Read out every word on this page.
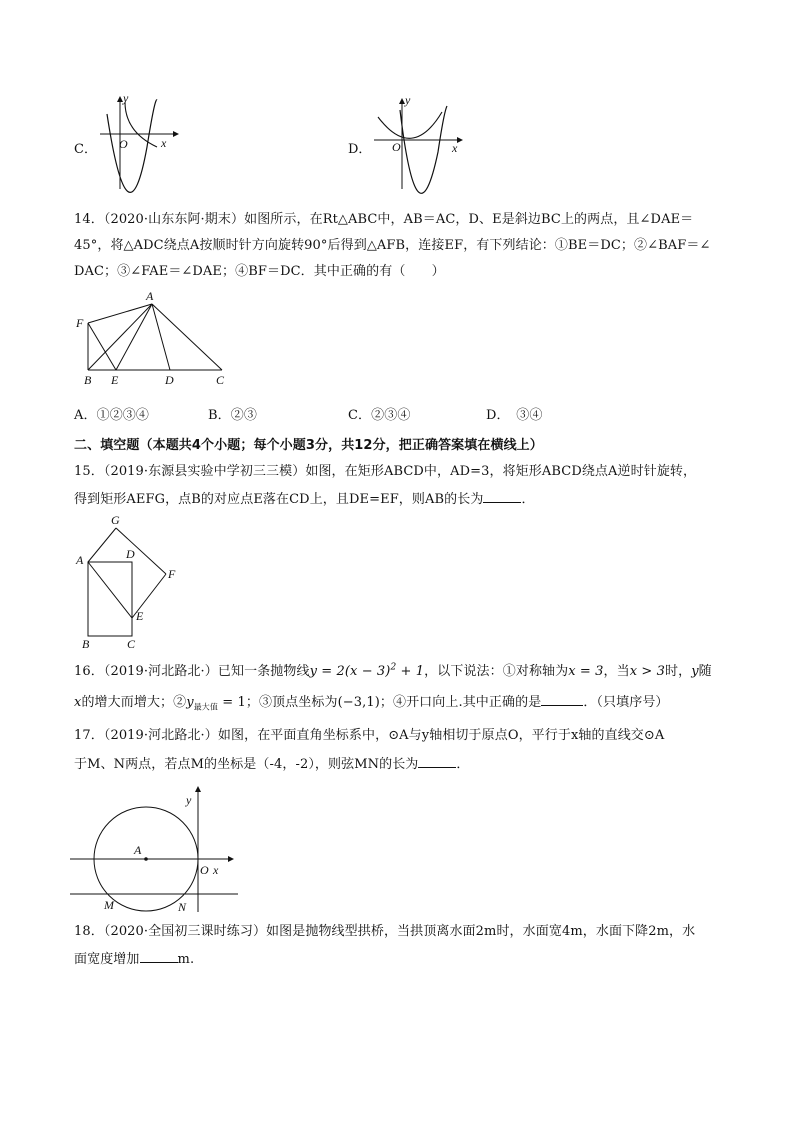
C．
y
x
O	D．
y
x
O
14．（2020·山东东阿·期末）如图所示，在Rt△ABC中，AB＝AC，D、E是斜边BC上的两点，且∠DAE＝
45°，将△ADC绕点A按顺时针方向旋转90°后得到△AFB，连接EF，有下列结论：①BE＝DC；②∠BAF＝∠
DAC；③∠FAE＝∠DAE；④BF＝DC．其中正确的有（　　）
A
F
B E	D	C
A．①②③④	B．②③	C．②③④	D．　③④
二、填空题（本题共4个小题；每个小题3分，共12分，把正确答案填在横线上）
15．（2019·东源县实验中学初三三模）如图，在矩形ABCD中，AD=3，将矩形ABCD绕点A逆时针旋转，
得到矩形AEFG，点B的对应点E落在CD上，且DE=EF，则AB的长为	．
G
D
A
F
E
B	C
16．（2019·河北路北·）已知一条抛物线$y = 2(x - 3)^2 + 1$，以下说法：①对称轴为x = 3，当x > 3时，y随
x的增大而增大；$②y_{最大值} = 1$；③顶点坐标为(−3,1)；④开口向上.其中正确的是	．（只填序号）
17．（2019·河北路北·）如图，在平面直角坐标系中，⊙A与y轴相切于原点O，平行于x轴的直线交⊙A
于M、N两点，若点M的坐标是（-4，-2），则弦MN的长为	．
y
A
O x
M	N
18．（2020·全国初三课时练习）如图是抛物线型拱桥，当拱顶离水面2m时，水面宽4m，水面下降2m，水
面宽度增加	m.
